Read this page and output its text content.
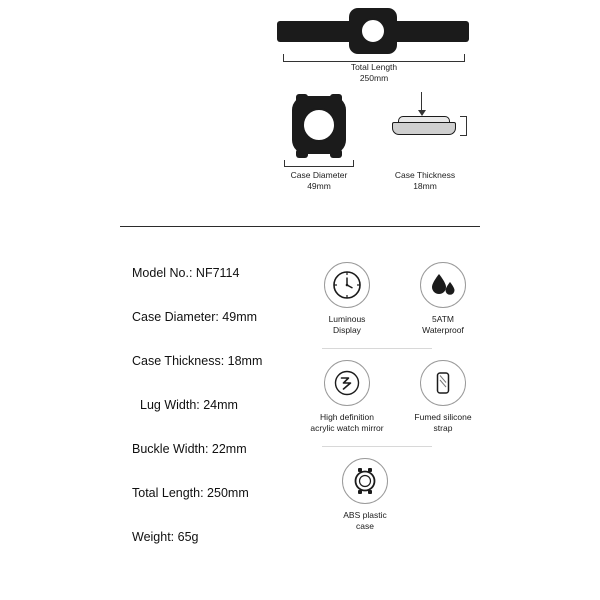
Total Length
250mm
Case Diameter
49mm
Case Thickness
18mm
Model No.: NF7114
Case Diameter: 49mm
Case Thickness: 18mm
Lug Width: 24mm
Buckle Width: 22mm
Total Length: 250mm
Weight: 65g
Luminous
Display
5ATM
Waterproof
High definition
acrylic watch mirror
Fumed silicone
strap
ABS plastic
case
